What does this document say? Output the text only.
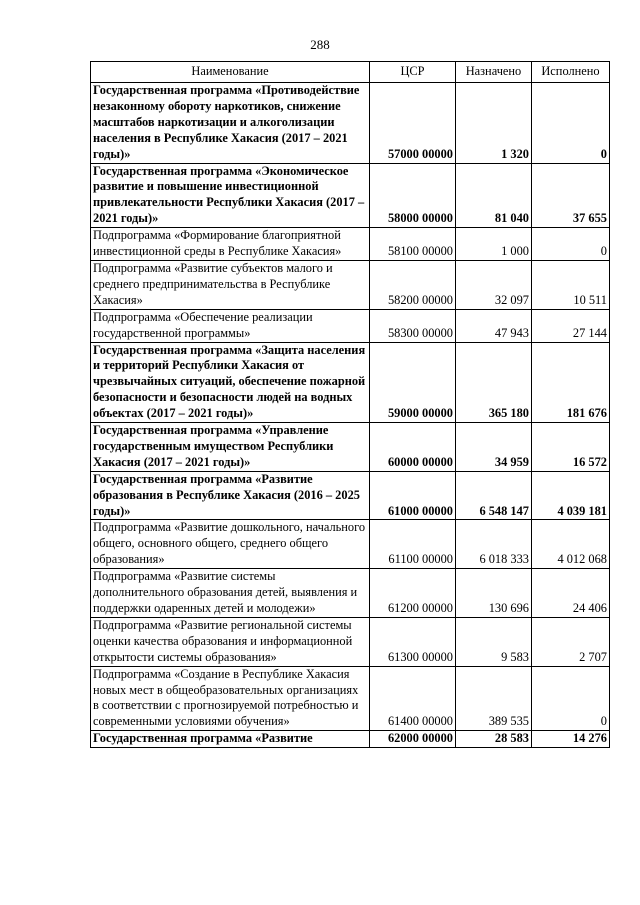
288
Наименование	ЦСР	Назначено	Исполнено
Государственная программа «Противодействие незаконному обороту наркотиков, снижение масштабов наркотизации и алкоголизации населения в Республике Хакасия (2017 – 2021 годы)»	57000 00000	1 320	0
Государственная программа «Экономическое развитие и повышение инвестиционной привлекательности Республики Хакасия (2017 – 2021 годы)»	58000 00000	81 040	37 655
Подпрограмма «Формирование благоприятной инвестиционной среды в Республике Хакасия»	58100 00000	1 000	0
Подпрограмма «Развитие субъектов малого и среднего предпринимательства в Республике Хакасия»	58200 00000	32 097	10 511
Подпрограмма «Обеспечение реализации государственной программы»	58300 00000	47 943	27 144
Государственная программа «Защита населения и территорий Республики Хакасия от чрезвычайных ситуаций, обеспечение пожарной безопасности и безопасности людей на водных объектах (2017 – 2021 годы)»	59000 00000	365 180	181 676
Государственная программа «Управление государственным имуществом Республики Хакасия (2017 – 2021 годы)»	60000 00000	34 959	16 572
Государственная программа «Развитие образования в Республике Хакасия (2016 – 2025 годы)»	61000 00000	6 548 147	4 039 181
Подпрограмма «Развитие дошкольного, начального общего, основного общего, среднего общего образования»	61100 00000	6 018 333	4 012 068
Подпрограмма «Развитие системы дополнительного образования детей, выявления и поддержки одаренных детей и молодежи»	61200 00000	130 696	24 406
Подпрограмма «Развитие региональной системы оценки качества образования и информационной открытости системы образования»	61300 00000	9 583	2 707
Подпрограмма «Создание в Республике Хакасия новых мест в общеобразовательных организациях в соответствии с прогнозируемой потребностью и современными условиями обучения»	61400 00000	389 535	0
Государственная программа «Развитие	62000 00000	28 583	14 276
